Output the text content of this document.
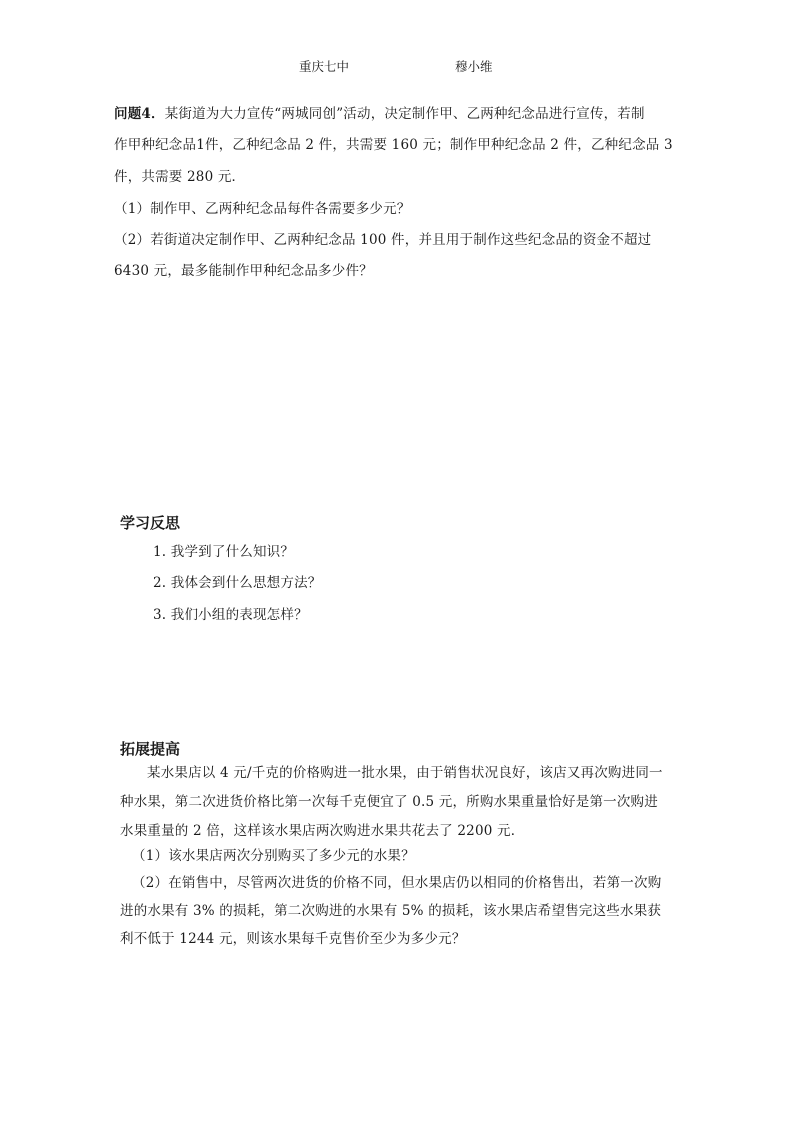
重庆七中	穆小维
问题4．某街道为大力宣传“两城同创”活动，决定制作甲、乙两种纪念品进行宣传，若制
作甲种纪念品1件，乙种纪念品 2 件，共需要 160 元；制作甲种纪念品 2 件，乙种纪念品 3
件，共需要 280 元．
（1）制作甲、乙两种纪念品每件各需要多少元？
（2）若街道决定制作甲、乙两种纪念品 100 件，并且用于制作这些纪念品的资金不超过
6430 元，最多能制作甲种纪念品多少件？
学习反思
1. 我学到了什么知识？
2. 我体会到什么思想方法？
3. 我们小组的表现怎样？
拓展提高
某水果店以 4 元/千克的价格购进一批水果，由于销售状况良好，该店又再次购进同一
种水果，第二次进货价格比第一次每千克便宜了 0.5 元，所购水果重量恰好是第一次购进
水果重量的 2 倍，这样该水果店两次购进水果共花去了 2200 元．
（1）该水果店两次分别购买了多少元的水果？
（2）在销售中，尽管两次进货的价格不同，但水果店仍以相同的价格售出，若第一次购
进的水果有 3% 的损耗，第二次购进的水果有 5% 的损耗，该水果店希望售完这些水果获
利不低于 1244 元，则该水果每千克售价至少为多少元？
